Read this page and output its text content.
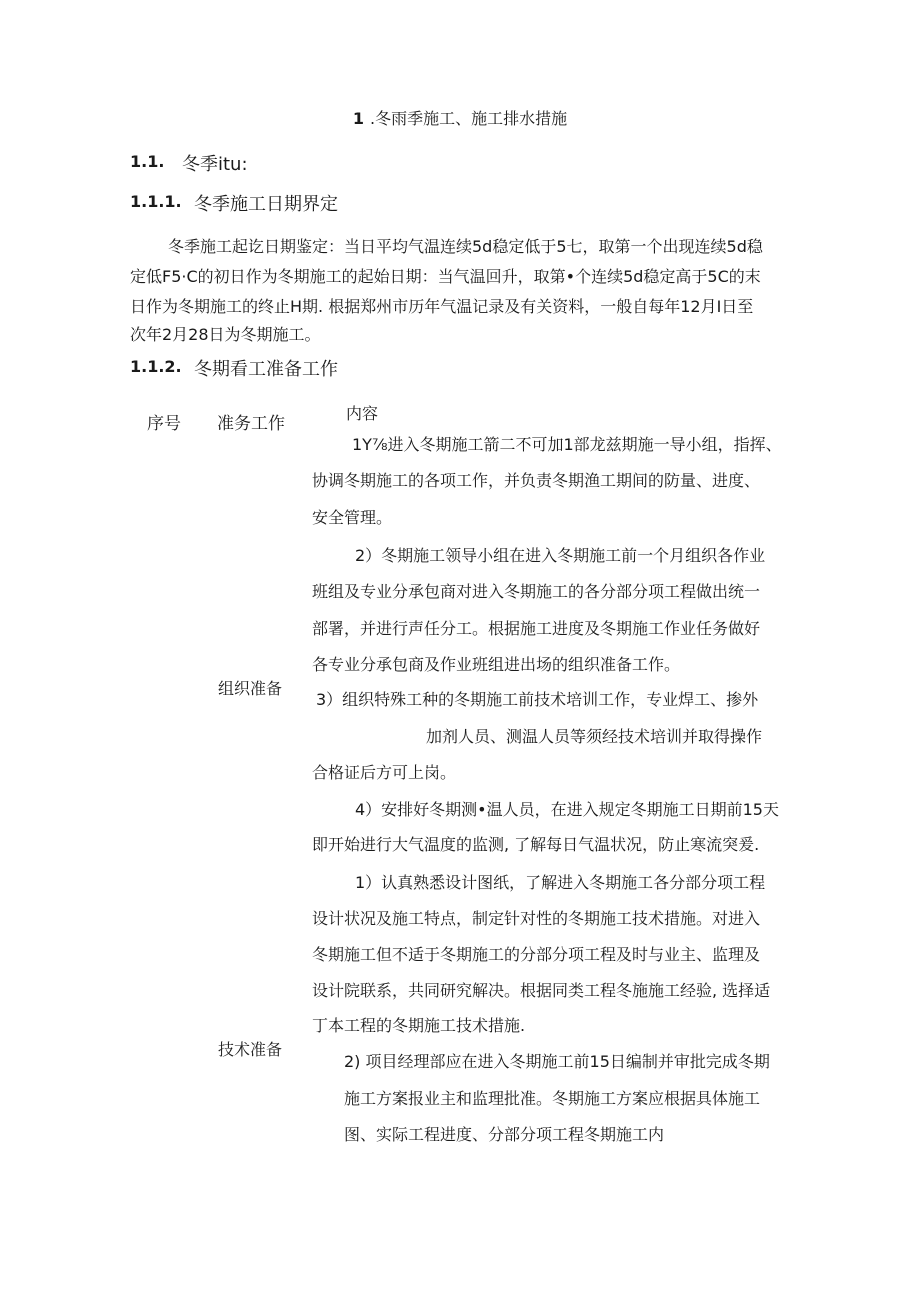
1 .冬雨季施工、施工排水措施
1.1. 冬季itu:
1.1.1. 冬季施工日期界定
冬季施工起讫日期鉴定：当日平均气温连续5d稳定低于5七，取第一个出现连续5d稳
定低F5·C的初日作为冬期施工的起始日期：当气温回升，取第•个连续5d稳定高于5C的末
日作为冬期施工的终止H期. 根据郑州市历年气温记录及有关资料，一般自每年12月I日至
次年2月28日为冬期施工。
1.1.2. 冬期看工准备工作
序号 准务工作
内容
组织准备
1Y⅞进入冬期施工箭二不可加1部龙兹期施一导小组，指挥、
协调冬期施工的各项工作，并负责冬期渔工期间的防量、进度、
安全管理。
2）冬期施工领导小组在进入冬期施工前一个月组织各作业
班组及专业分承包商对进入冬期施工的各分部分项工程做出统一
部署，并进行声任分工。根据施工进度及冬期施工作业任务做好
各专业分承包商及作业班组进出场的组织准备工作。
3）组织特殊工种的冬期施工前技术培训工作，专业焊工、掺外
加剂人员、测温人员等须经技术培训并取得操作
合格证后方可上岗。
4）安排好冬期测•温人员，在进入规定冬期施工日期前15天
即开始进行大气温度的监测, 了解每日气温状况，防止寒流突爰.
技术准备
1）认真熟悉设计图纸，了解进入冬期施工各分部分项工程
设计状况及施工特点，制定针对性的冬期施工技术措施。对进入
冬期施工但不适于冬期施工的分部分项工程及时与业主、监理及
设计院联系，共同研究解决。根据同类工程冬施施工经验, 选择适
丁本工程的冬期施工技术措施.
2) 项目经理部应在进入冬期施工前15日编制并审批完成冬期
施工方案报业主和监理批准。冬期施工方案应根据具体施工
图、实际工程进度、分部分项工程冬期施工内
